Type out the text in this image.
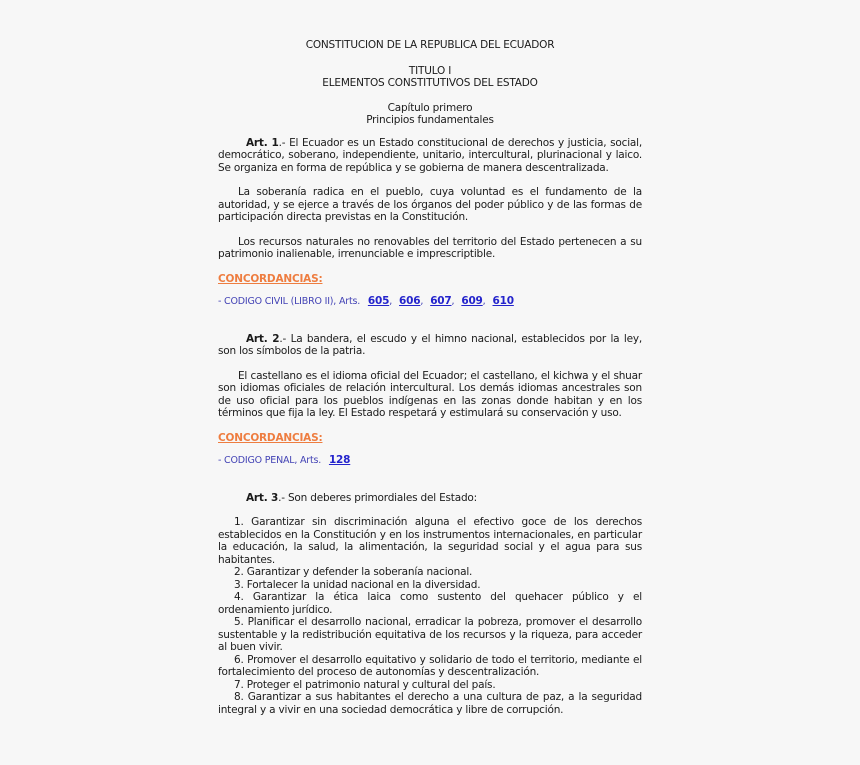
CONSTITUCION DE LA REPUBLICA DEL ECUADOR
TITULO I
ELEMENTOS CONSTITUTIVOS DEL ESTADO
Capítulo primero
Principios fundamentales

Art. 1.- El Ecuador es un Estado constitucional de derechos y justicia, social, democrático, soberano, independiente, unitario, intercultural, plurinacional y laico. Se organiza en forma de república y se gobierna de manera descentralizada.

La soberanía radica en el pueblo, cuya voluntad es el fundamento de la autoridad, y se ejerce a través de los órganos del poder público y de las formas de participación directa previstas en la Constitución.

Los recursos naturales no renovables del territorio del Estado pertenecen a su patrimonio inalienable, irrenunciable e imprescriptible.

CONCORDANCIAS:

- CODIGO CIVIL (LIBRO II), Arts. 605, 606, 607, 609, 610

Art. 2.- La bandera, el escudo y el himno nacional, establecidos por la ley, son los símbolos de la patria.

El castellano es el idioma oficial del Ecuador; el castellano, el kichwa y el shuar son idiomas oficiales de relación intercultural. Los demás idiomas ancestrales son de uso oficial para los pueblos indígenas en las zonas donde habitan y en los términos que fija la ley. El Estado respetará y estimulará su conservación y uso.

CONCORDANCIAS:

- CODIGO PENAL, Arts. 128

Art. 3.- Son deberes primordiales del Estado:

1. Garantizar sin discriminación alguna el efectivo goce de los derechos establecidos en la Constitución y en los instrumentos internacionales, en particular la educación, la salud, la alimentación, la seguridad social y el agua para sus habitantes.

2. Garantizar y defender la soberanía nacional.

3. Fortalecer la unidad nacional en la diversidad.

4. Garantizar la ética laica como sustento del quehacer público y el ordenamiento jurídico.

5. Planificar el desarrollo nacional, erradicar la pobreza, promover el desarrollo sustentable y la redistribución equitativa de los recursos y la riqueza, para acceder al buen vivir.

6. Promover el desarrollo equitativo y solidario de todo el territorio, mediante el fortalecimiento del proceso de autonomías y descentralización.

7. Proteger el patrimonio natural y cultural del país.

8. Garantizar a sus habitantes el derecho a una cultura de paz, a la seguridad integral y a vivir en una sociedad democrática y libre de corrupción.
